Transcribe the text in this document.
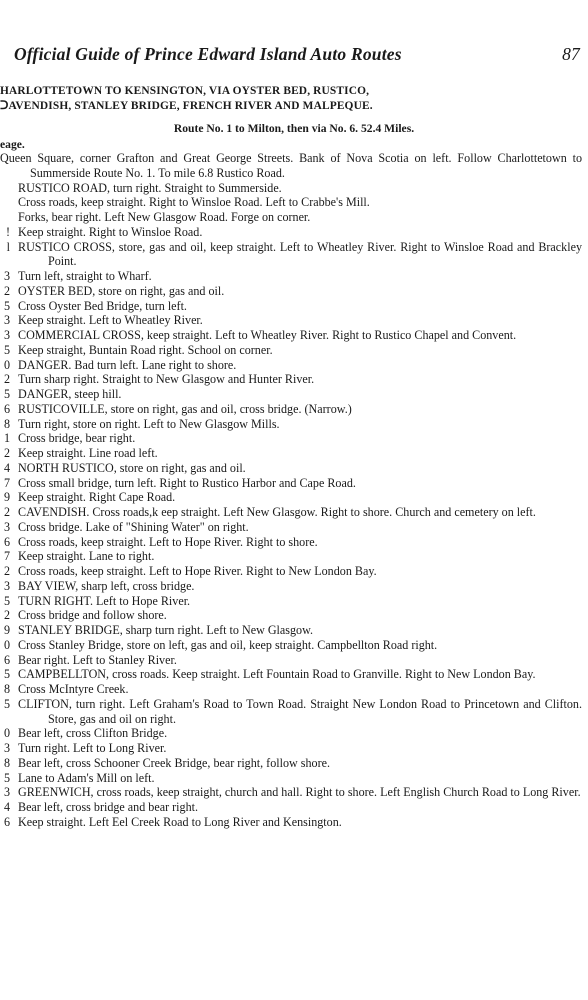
Official Guide of Prince Edward Island Auto Routes	87
HARLOTTETOWN TO KENSINGTON, VIA OYSTER BED, RUSTICO,
ᑐAVENDISH, STANLEY BRIDGE, FRENCH RIVER AND MALPEQUE.
Route No. 1 to Milton, then via No. 6. 52.4 Miles.
eage.
Queen Square, corner Grafton and Great George Streets. Bank of Nova Scotia on left. Follow Charlottetown to Summerside Route No. 1. To mile 6.8 Rustico Road.
RUSTICO ROAD, turn right. Straight to Summerside.
Cross roads, keep straight. Right to Winsloe Road. Left to Crabbe's Mill.
Forks, bear right. Left New Glasgow Road. Forge on corner.
! Keep straight. Right to Winsloe Road.
l RUSTICO CROSS, store, gas and oil, keep straight. Left to Wheatley River. Right to Winsloe Road and Brackley Point.
3 Turn left, straight to Wharf.
2 OYSTER BED, store on right, gas and oil.
5 Cross Oyster Bed Bridge, turn left.
3 Keep straight. Left to Wheatley River.
3 COMMERCIAL CROSS, keep straight. Left to Wheatley River. Right to Rustico Chapel and Convent.
5 Keep straight, Buntain Road right. School on corner.
0 DANGER. Bad turn left. Lane right to shore.
2 Turn sharp right. Straight to New Glasgow and Hunter River.
5 DANGER, steep hill.
6 RUSTICOVILLE, store on right, gas and oil, cross bridge. (Narrow.)
8 Turn right, store on right. Left to New Glasgow Mills.
1 Cross bridge, bear right.
2 Keep straight. Line road left.
4 NORTH RUSTICO, store on right, gas and oil.
7 Cross small bridge, turn left. Right to Rustico Harbor and Cape Road.
9 Keep straight. Right Cape Road.
2 CAVENDISH. Cross roads,k eep straight. Left New Glasgow. Right to shore. Church and cemetery on left.
3 Cross bridge. Lake of "Shining Water" on right.
6 Cross roads, keep straight. Left to Hope River. Right to shore.
7 Keep straight. Lane to right.
2 Cross roads, keep straight. Left to Hope River. Right to New London Bay.
3 BAY VIEW, sharp left, cross bridge.
5 TURN RIGHT. Left to Hope River.
2 Cross bridge and follow shore.
9 STANLEY BRIDGE, sharp turn right. Left to New Glasgow.
0 Cross Stanley Bridge, store on left, gas and oil, keep straight. Campbellton Road right.
6 Bear right. Left to Stanley River.
5 CAMPBELLTON, cross roads. Keep straight. Left Fountain Road to Granville. Right to New London Bay.
8 Cross McIntyre Creek.
5 CLIFTON, turn right. Left Graham's Road to Town Road. Straight New London Road to Princetown and Clifton. Store, gas and oil on right.
0 Bear left, cross Clifton Bridge.
3 Turn right. Left to Long River.
8 Bear left, cross Schooner Creek Bridge, bear right, follow shore.
5 Lane to Adam's Mill on left.
3 GREENWICH, cross roads, keep straight, church and hall. Right to shore. Left English Church Road to Long River.
4 Bear left, cross bridge and bear right.
6 Keep straight. Left Eel Creek Road to Long River and Kensington.
